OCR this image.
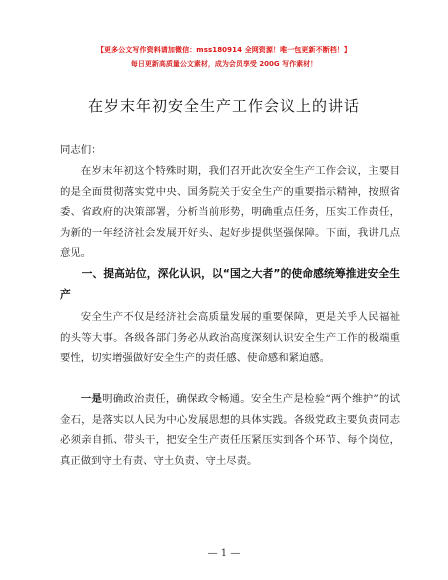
【更多公文写作资料请加微信：mss180914 全网资源！唯一包更新不断档！】
每日更新高质量公文素材，成为会员享受 200G 写作素材！
在岁末年初安全生产工作会议上的讲话
同志们：
在岁末年初这个特殊时期，我们召开此次安全生产工作会议，主要目的是全面贯彻落实党中央、国务院关于安全生产的重要指示精神，按照省委、省政府的决策部署，分析当前形势，明确重点任务，压实工作责任，为新的一年经济社会发展开好头、起好步提供坚强保障。下面，我讲几点意见。
一、提高站位，深化认识，以“国之大者”的使命感统筹推进安全生产
安全生产不仅是经济社会高质量发展的重要保障，更是关乎人民福祉的头等大事。各级各部门务必从政治高度深刻认识安全生产工作的极端重要性，切实增强做好安全生产的责任感、使命感和紧迫感。
一是明确政治责任，确保政令畅通。安全生产是检验“两个维护”的试金石，是落实以人民为中心发展思想的具体实践。各级党政主要负责同志必须亲自抓、带头干，把安全生产责任压紧压实到各个环节、每个岗位，真正做到守土有责、守土负责、守土尽责。
— 1 —
